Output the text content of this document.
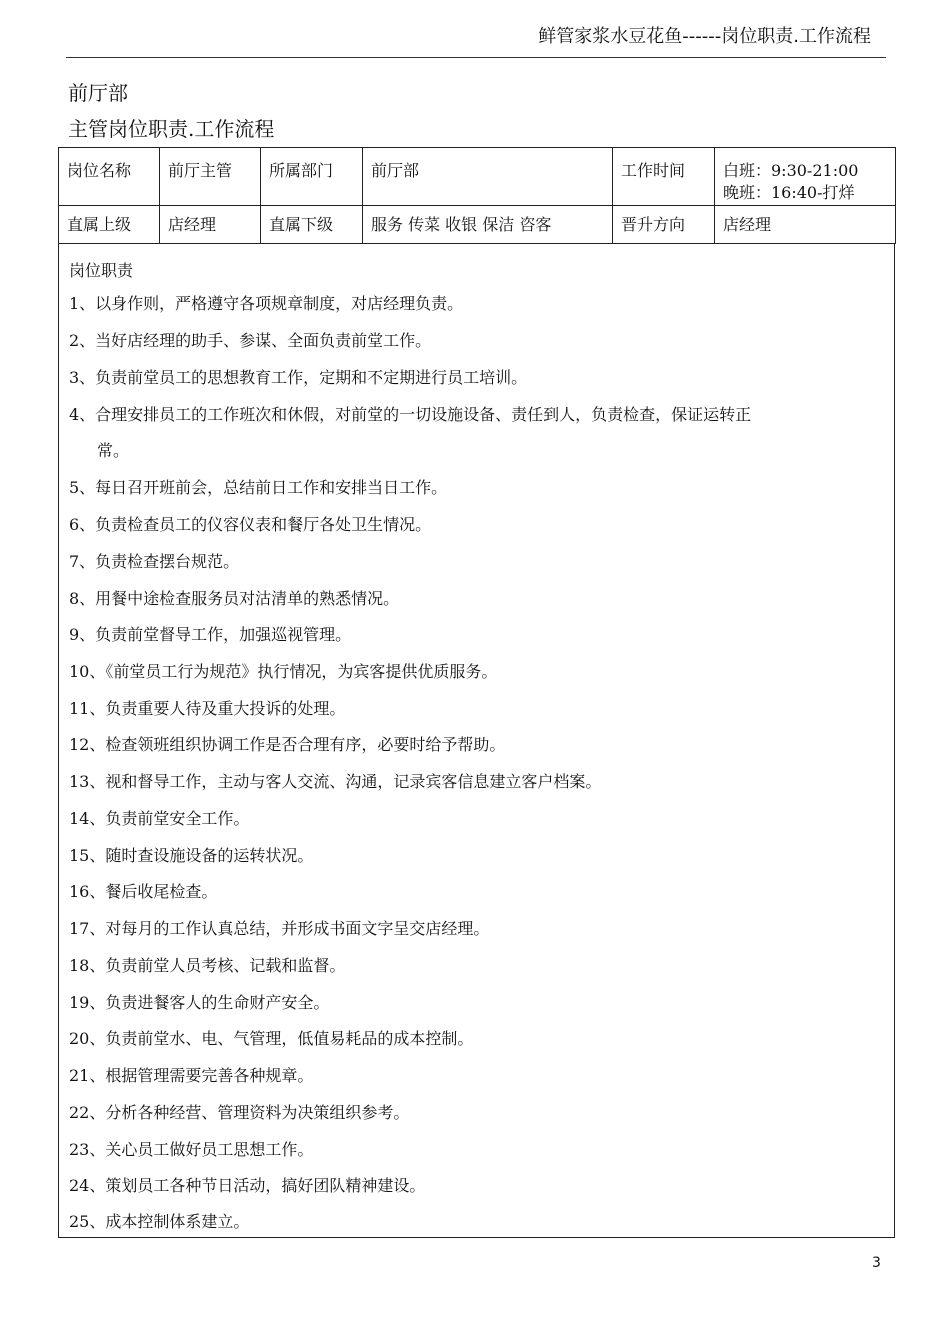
鲜管家浆水豆花鱼------岗位职责.工作流程
前厅部
主管岗位职责.工作流程
岗位名称	前厅主管	所属部门	前厅部	工作时间	白班：9:30-21:00
晚班：16:40-打烊

直属上级	店经理	直属下级	服务 传菜 收银 保洁 咨客	晋升方向	店经理
岗位职责
1、以身作则，严格遵守各项规章制度，对店经理负责。
2、当好店经理的助手、参谋、全面负责前堂工作。
3、负责前堂员工的思想教育工作，定期和不定期进行员工培训。
4、合理安排员工的工作班次和休假，对前堂的一切设施设备、责任到人，负责检查，保证运转正
常。
5、每日召开班前会，总结前日工作和安排当日工作。
6、负责检查员工的仪容仪表和餐厅各处卫生情况。
7、负责检查摆台规范。
8、用餐中途检查服务员对沽清单的熟悉情况。
9、负责前堂督导工作，加强巡视管理。
10、《前堂员工行为规范》执行情况，为宾客提供优质服务。
11、负责重要人待及重大投诉的处理。
12、检查领班组织协调工作是否合理有序，必要时给予帮助。
13、视和督导工作，主动与客人交流、沟通，记录宾客信息建立客户档案。
14、负责前堂安全工作。
15、随时查设施设备的运转状况。
16、餐后收尾检查。
17、对每月的工作认真总结，并形成书面文字呈交店经理。
18、负责前堂人员考核、记载和监督。
19、负责进餐客人的生命财产安全。
20、负责前堂水、电、气管理，低值易耗品的成本控制。
21、根据管理需要完善各种规章。
22、分析各种经营、管理资料为决策组织参考。
23、关心员工做好员工思想工作。
24、策划员工各种节日活动，搞好团队精神建设。
25、成本控制体系建立。
3
